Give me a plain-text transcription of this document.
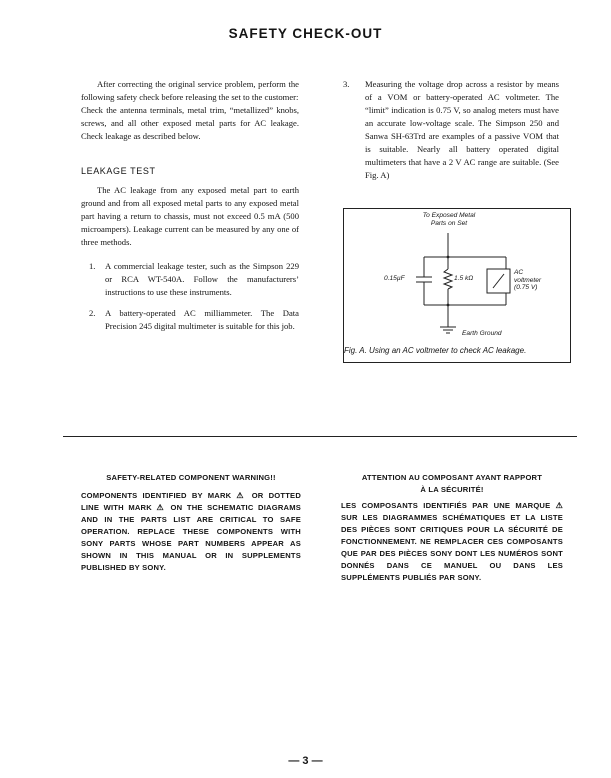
SAFETY CHECK-OUT
After correcting the original service problem, perform the following safety check before releasing the set to the customer:
Check the antenna terminals, metal trim, “metallized” knobs, screws, and all other exposed metal parts for AC leakage. Check leakage as described below.
LEAKAGE TEST
The AC leakage from any exposed metal part to earth ground and from all exposed metal parts to any exposed metal part having a return to chassis, must not exceed 0.5 mA (500 microampers). Leakage current can be measured by any one of three methods.
1.	A commercial leakage tester, such as the Simpson 229 or RCA WT-540A. Follow the manufacturers’ instructions to use these instruments.
2.	A battery-operated AC milliammeter. The Data Precision 245 digital multimeter is suitable for this job.
3.	Measuring the voltage drop across a resistor by means of a VOM or battery-operated AC voltmeter. The “limit” indication is 0.75 V, so analog meters must have an accurate low-voltage scale. The Simpson 250 and Sanwa SH-63Trd are examples of a passive VOM that is suitable. Nearly all battery operated digital multimeters that have a 2 V AC range are suitable. (See Fig. A)
To Exposed Metal
Parts on Set
0.15µF	1.5 kΩ
AC
voltmeter
(0.75 V)
Earth Ground
Fig. A. Using an AC voltmeter to check AC leakage.
SAFETY-RELATED COMPONENT WARNING!!
COMPONENTS IDENTIFIED BY MARK ⚠ OR DOTTED LINE WITH MARK ⚠ ON THE SCHEMATIC DIAGRAMS AND IN THE PARTS LIST ARE CRITICAL TO SAFE OPERATION. REPLACE THESE COMPONENTS WITH SONY PARTS WHOSE PART NUMBERS APPEAR AS SHOWN IN THIS MANUAL OR IN SUPPLEMENTS PUBLISHED BY SONY.
ATTENTION AU COMPOSANT AYANT RAPPORT
À LA SÉCURITÉ!
LES COMPOSANTS IDENTIFIÉS PAR UNE MARQUE ⚠ SUR LES DIAGRAMMES SCHÉMATIQUES ET LA LISTE DES PIÈCES SONT CRITIQUES POUR LA SÉCURITÉ DE FONCTIONNEMENT. NE REMPLACER CES COMPOSANTS QUE PAR DES PIÈCES SONY DONT LES NUMÉROS SONT DONNÉS DANS CE MANUEL OU DANS LES SUPPLÉMENTS PUBLIÉS PAR SONY.
— 3 —
